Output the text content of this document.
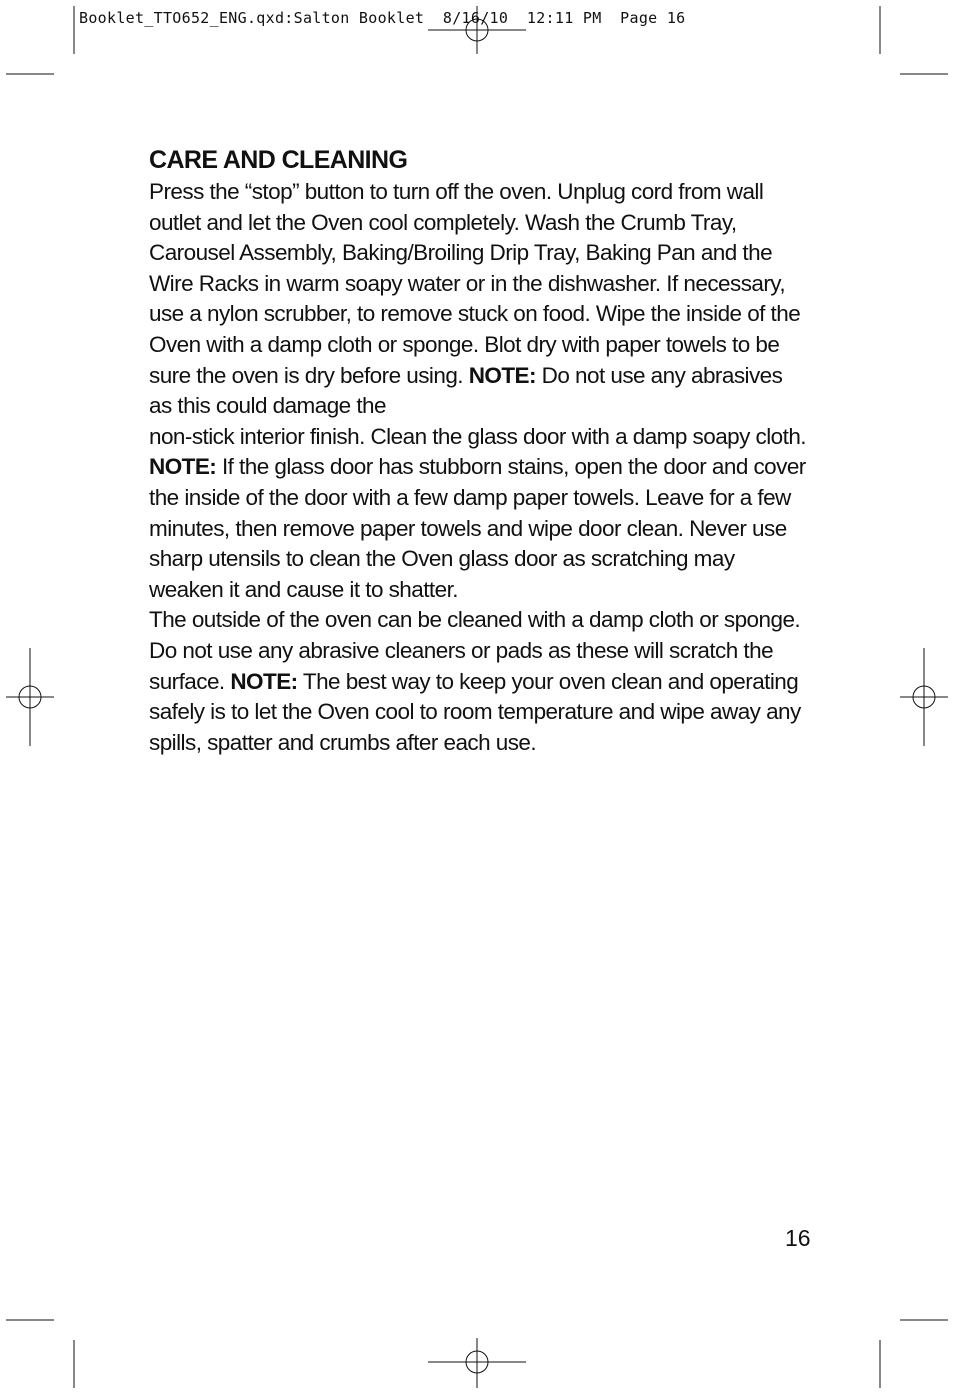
Booklet_TTO652_ENG.qxd:Salton Booklet  8/16/10  12:11 PM  Page 16
CARE AND CLEANING

Press the “stop” button to turn off the oven. Unplug cord from wall outlet and let the Oven cool completely. Wash the Crumb Tray, Carousel Assembly, Baking/Broiling Drip Tray, Baking Pan and the Wire Racks in warm soapy water or in the dishwasher. If necessary, use a nylon scrubber, to remove stuck on food. Wipe the inside of the Oven with a damp cloth or sponge. Blot dry with paper towels to be sure the oven is dry before using. NOTE: Do not use any abrasives as this could damage the

non-stick interior finish. Clean the glass door with a damp soapy cloth.
NOTE: If the glass door has stubborn stains, open the door and cover the inside of the door with a few damp paper towels. Leave for a few minutes, then remove paper towels and wipe door clean. Never use sharp utensils to clean the Oven glass door as scratching may weaken it and cause it to shatter.

The outside of the oven can be cleaned with a damp cloth or sponge. Do not use any abrasive cleaners or pads as these will scratch the surface. NOTE: The best way to keep your oven clean and operating safely is to let the Oven cool to room temperature and wipe away any spills, spatter and crumbs after each use.

16
